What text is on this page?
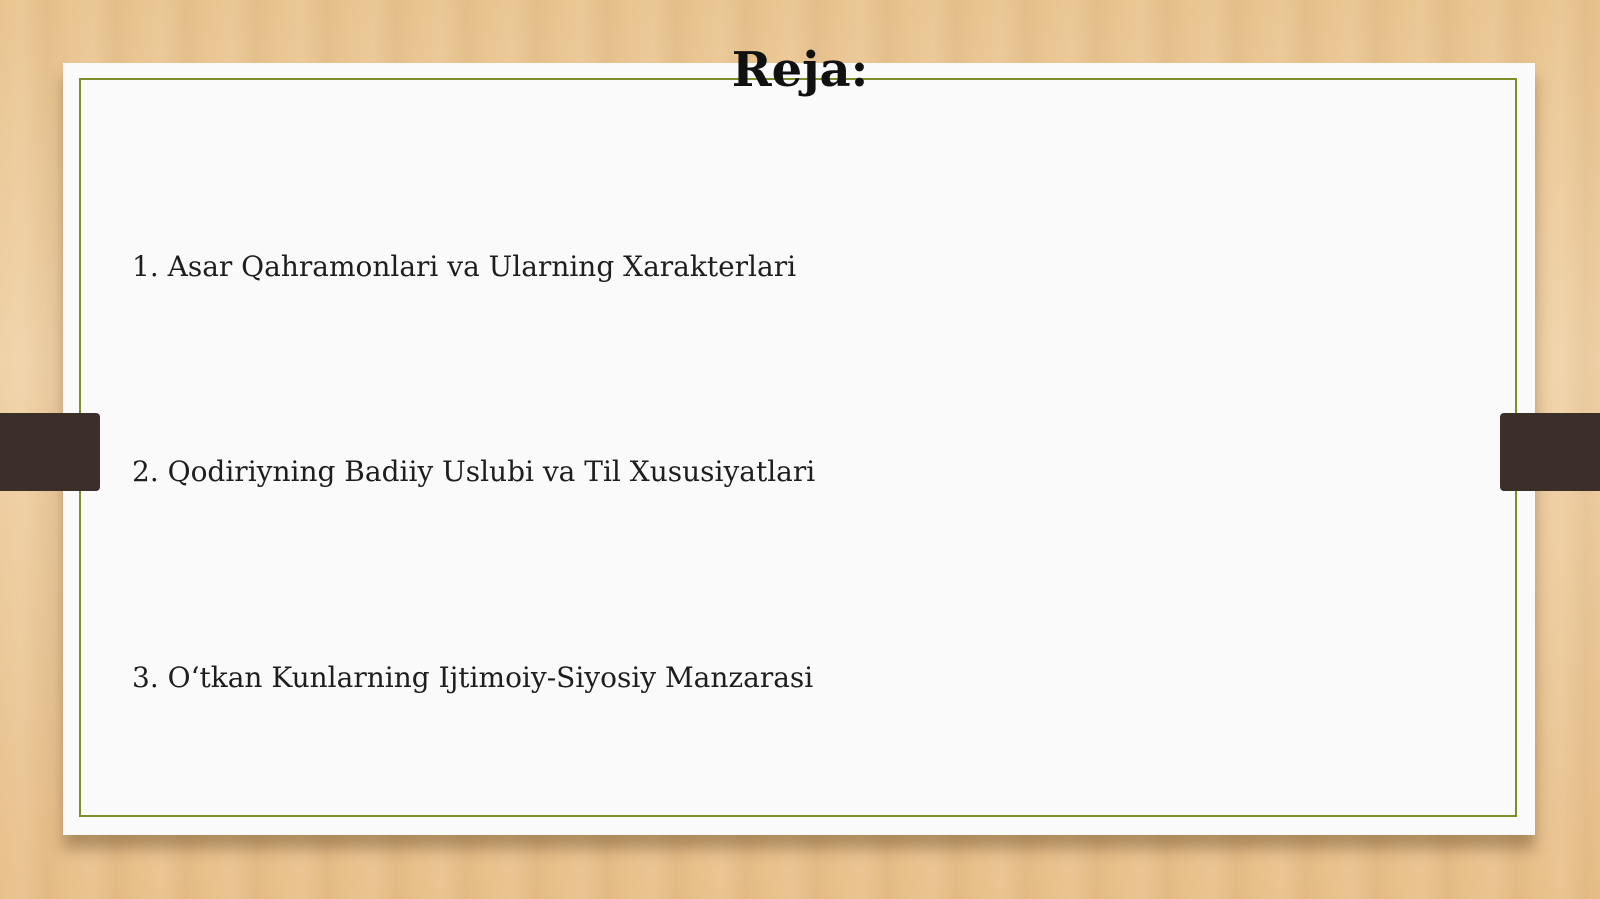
Reja:
1. Asar Qahramonlari va Ularning Xarakterlari
2. Qodiriyning Badiiy Uslubi va Til Xususiyatlari
3. O‘tkan Kunlarning Ijtimoiy-Siyosiy Manzarasi
